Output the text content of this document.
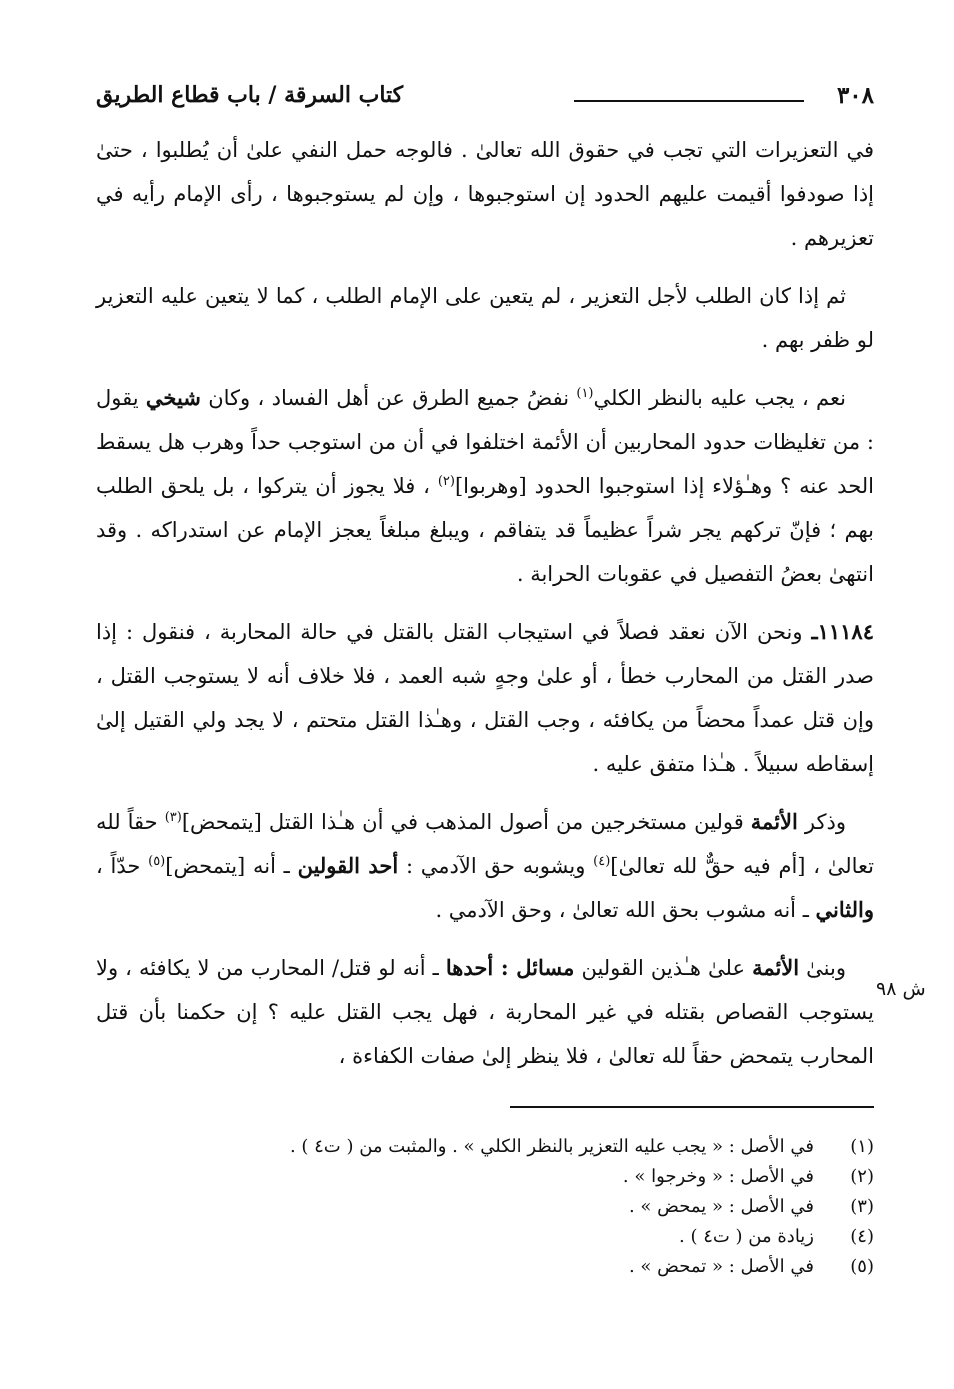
٣٠٨
كتاب السرقة / باب قطاع الطريق

في التعزيرات التي تجب في حقوق الله تعالىٰ . فالوجه حمل النفي علىٰ أن يُطلبوا ، حتىٰ إذا صودفوا أقيمت عليهم الحدود إن استوجبوها ، وإن لم يستوجبوها ، رأى الإمام رأيه في تعزيرهم .

ثم إذا كان الطلب لأجل التعزير ، لم يتعين على الإمام الطلب ، كما لا يتعين عليه التعزير لو ظفر بهم .

نعم ، يجب عليه بالنظر الكلي$^{(١)}$ نفضُ جميع الطرق عن أهل الفساد ، وكان شيخي يقول : من تغليظات حدود المحاربين أن الأئمة اختلفوا في أن من استوجب حداً وهرب هل يسقط الحد عنه ؟ وهـٰؤلاء إذا استوجبوا الحدود [وهربوا]$^{(٢)}$ ، فلا يجوز أن يتركوا ، بل يلحق الطلب بهم ؛ فإنّ تركهم يجر شراً عظيماً قد يتفاقم ، ويبلغ مبلغاً يعجز الإمام عن استدراكه . وقد انتهىٰ بعضُ التفصيل في عقوبات الحرابة .

١١١٨٤ـ ونحن الآن نعقد فصلاً في استيجاب القتل بالقتل في حالة المحاربة ، فنقول : إذا صدر القتل من المحارب خطأ ، أو علىٰ وجهٍ شبه العمد ، فلا خلاف أنه لا يستوجب القتل ، وإن قتل عمداً محضاً من يكافئه ، وجب القتل ، وهـٰذا القتل متحتم ، لا يجد ولي القتيل إلىٰ إسقاطه سبيلاً . هـٰذا متفق عليه .

وذكر الأئمة قولين مستخرجين من أصول المذهب في أن هـٰذا القتل [يتمحض]$^{(٣)}$ حقاً لله تعالىٰ ، [أم فيه حقٌّ لله تعالىٰ]$^{(٤)}$ ويشوبه حق الآدمي : أحد القولين ـ أنه [يتمحض]$^{(٥)}$ حدّاً ، والثاني ـ أنه مشوب بحق الله تعالىٰ ، وحق الآدمي .

وبنىٰ الأئمة علىٰ هـٰذين القولين مسائل : أحدها ـ أنه لو قتل/ المحارب من لا يكافئه ، ولا يستوجب القصاص بقتله في غير المحاربة ، فهل يجب القتل عليه ؟ إن حكمنا بأن قتل المحارب يتمحض حقاً لله تعالىٰ ، فلا ينظر إلىٰ صفات الكفاءة ،

ش ٩٨
(١)
في الأصل : « يجب عليه التعزير بالنظر الكلي » . والمثبت من ( ت٤ ) .
(٢)
في الأصل : « وخرجوا » .
(٣)
في الأصل : « يمحض » .
(٤)
زيادة من ( ت٤ ) .
(٥)
في الأصل : « تمحض » .
